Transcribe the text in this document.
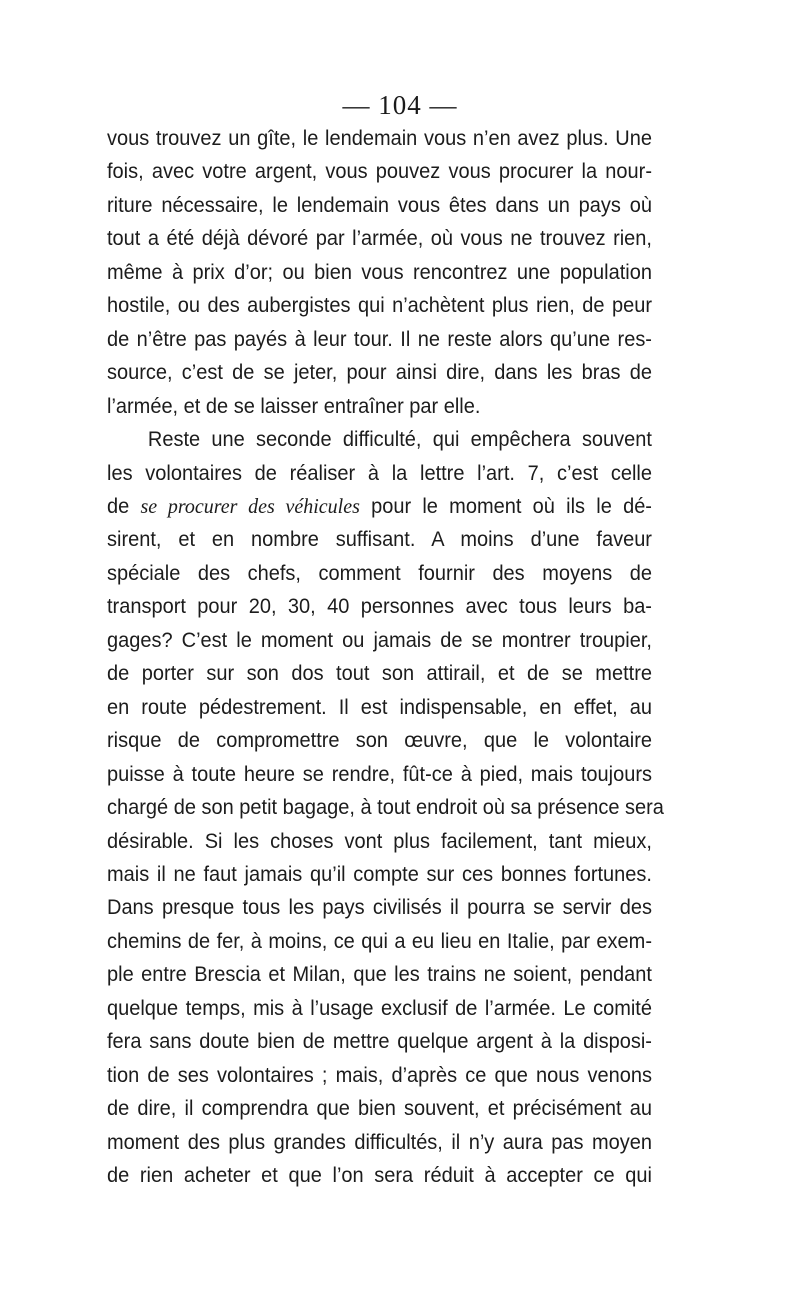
— 104 —
vous trouvez un gîte, le lendemain vous n’en avez plus. Une
fois, avec votre argent, vous pouvez vous procurer la nour-
riture nécessaire, le lendemain vous êtes dans un pays où
tout a été déjà dévoré par l’armée, où vous ne trouvez rien,
même à prix d’or; ou bien vous rencontrez une population
hostile, ou des aubergistes qui n’achètent plus rien, de peur
de n’être pas payés à leur tour. Il ne reste alors qu’une res-
source, c’est de se jeter, pour ainsi dire, dans les bras de
l’armée, et de se laisser entraîner par elle.
Reste une seconde difficulté, qui empêchera souvent
les volontaires de réaliser à la lettre l’art. 7, c’est celle
de se procurer des véhicules pour le moment où ils le dé-
sirent, et en nombre suffisant. A moins d’une faveur
spéciale des chefs, comment fournir des moyens de
transport pour 20, 30, 40 personnes avec tous leurs ba-
gages? C’est le moment ou jamais de se montrer troupier,
de porter sur son dos tout son attirail, et de se mettre
en route pédestrement. Il est indispensable, en effet, au
risque de compromettre son œuvre, que le volontaire
puisse à toute heure se rendre, fût-ce à pied, mais toujours
chargé de son petit bagage, à tout endroit où sa présence sera
désirable. Si les choses vont plus facilement, tant mieux,
mais il ne faut jamais qu’il compte sur ces bonnes fortunes.
Dans presque tous les pays civilisés il pourra se servir des
chemins de fer, à moins, ce qui a eu lieu en Italie, par exem-
ple entre Brescia et Milan, que les trains ne soient, pendant
quelque temps, mis à l’usage exclusif de l’armée. Le comité
fera sans doute bien de mettre quelque argent à la disposi-
tion de ses volontaires ; mais, d’après ce que nous venons
de dire, il comprendra que bien souvent, et précisément au
moment des plus grandes difficultés, il n’y aura pas moyen
de rien acheter et que l’on sera réduit à accepter ce qui
